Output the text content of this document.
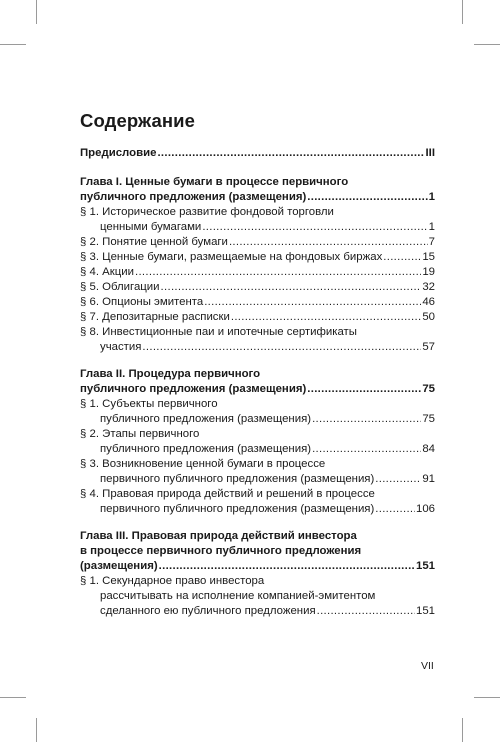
Содержание
Предисловие .....	III
Глава I. Ценные бумаги в процессе первичного
публичного предложения (размещения) .....	1
§ 1. Историческое развитие фондовой торговли
ценными бумагами .....	1
§ 2. Понятие ценной бумаги .....	7
§ 3. Ценные бумаги, размещаемые на фондовых биржах .....	15
§ 4. Акции .....	19
§ 5. Облигации .....	32
§ 6. Опционы эмитента .....	46
§ 7. Депозитарные расписки .....	50
§ 8. Инвестиционные паи и ипотечные сертификаты
участия .....	57
Глава II. Процедура первичного
публичного предложения (размещения) .....	75
§ 1. Субъекты первичного
публичного предложения (размещения) .....	75
§ 2. Этапы первичного
публичного предложения (размещения) .....	84
§ 3. Возникновение ценной бумаги в процессе
первичного публичного предложения (размещения) .....	91
§ 4. Правовая природа действий и решений в процессе
первичного публичного предложения (размещения) .....	106
Глава III. Правовая природа действий инвестора
в процессе первичного публичного предложения
(размещения) .....	151
§ 1. Секундарное право инвестора
рассчитывать на исполнение компанией-эмитентом
сделанного ею публичного предложения .....	151
VII
